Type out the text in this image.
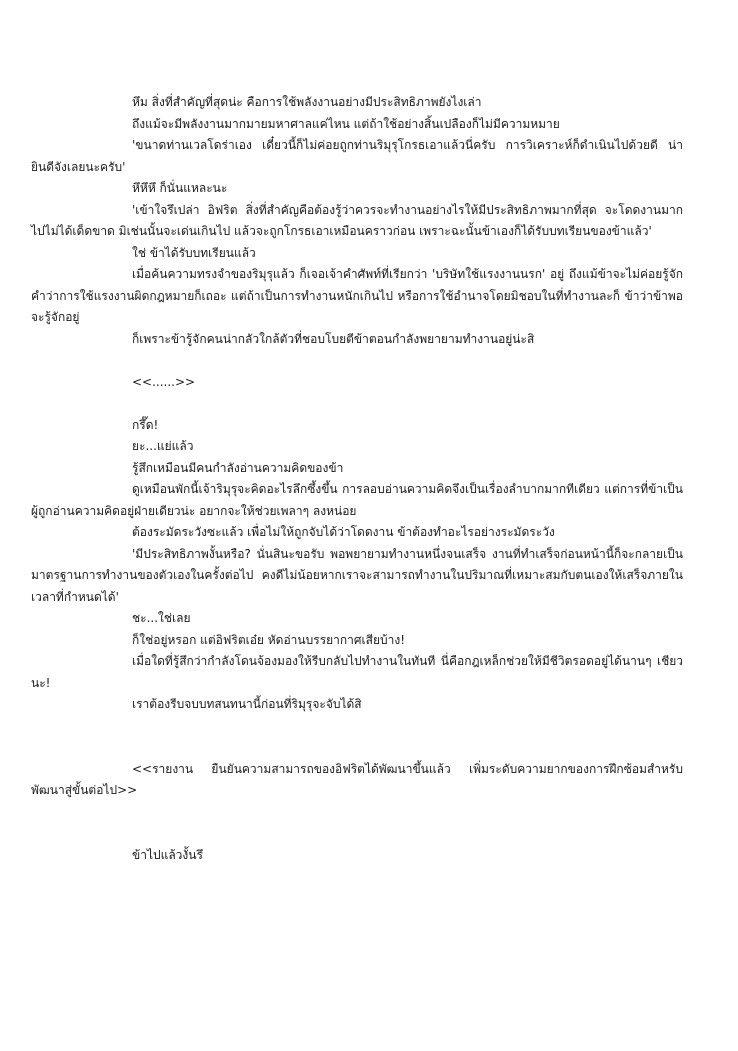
หึม สิ่งที่สำคัญที่สุดน่ะ คือการใช้พลังงานอย่างมีประสิทธิภาพยังไงเล่า
ถึงแม้จะมีพลังงานมากมายมหาศาลแค่ไหน แต่ถ้าใช้อย่างสิ้นเปลืองก็ไม่มีความหมาย
'ขนาดท่านเวลโดร่าเอง เดี๋ยวนี้ก็ไม่ค่อยถูกท่านริมุรุโกรธเอาแล้วนี่ครับ การวิเคราะห์ก็ดำเนินไปด้วยดี น่ายินดีจังเลยนะครับ'
หึหึหึ ก็นั่นแหละนะ
'เข้าใจรึเปล่า อิฟริต สิ่งที่สำคัญคือต้องรู้ว่าควรจะทำงานอย่างไรให้มีประสิทธิภาพมากที่สุด จะโดดงานมากไปไม่ได้เด็ดขาด มิเช่นนั้นจะเด่นเกินไป แล้วจะถูกโกรธเอาเหมือนคราวก่อน เพราะฉะนั้นข้าเองก็ได้รับบทเรียนของข้าแล้ว'
ใช่ ข้าได้รับบทเรียนแล้ว
เมื่อค้นความทรงจำของริมุรุแล้ว ก็เจอเจ้าคำศัพท์ที่เรียกว่า 'บริษัทใช้แรงงานนรก' อยู่ ถึงแม้ข้าจะไม่ค่อยรู้จักคำว่าการใช้แรงงานผิดกฎหมายก็เถอะ แต่ถ้าเป็นการทำงานหนักเกินไป หรือการใช้อำนาจโดยมิชอบในที่ทำงานละก็ ข้าว่าข้าพอจะรู้จักอยู่
ก็เพราะข้ารู้จักคนน่ากลัวใกล้ตัวที่ชอบโบยตีข้าตอนกำลังพยายามทำงานอยู่น่ะสิ
<<......>>
กรึ๊ด!
ยะ...แย่แล้ว
รู้สึกเหมือนมีคนกำลังอ่านความคิดของข้า
ดูเหมือนพักนี้เจ้าริมุรุจะคิดอะไรลึกซึ้งขึ้น การลอบอ่านความคิดจึงเป็นเรื่องลำบากมากทีเดียว แต่การที่ข้าเป็นผู้ถูกอ่านความคิดอยู่ฝ่ายเดียวน่ะ อยากจะให้ช่วยเพลาๆ ลงหน่อย
ต้องระมัดระวังซะแล้ว เพื่อไม่ให้ถูกจับได้ว่าโดดงาน ข้าต้องทำอะไรอย่างระมัดระวัง
'มีประสิทธิภาพงั้นหรือ? นั่นสินะขอรับ พอพยายามทำงานหนึ่งจนเสร็จ งานที่ทำเสร็จก่อนหน้านี้ก็จะกลายเป็นมาตรฐานการทำงานของตัวเองในครั้งต่อไป คงดีไม่น้อยหากเราจะสามารถทำงานในปริมาณที่เหมาะสมกับตนเองให้เสร็จภายในเวลาที่กำหนดได้'
ชะ...ใช่เลย
ก็ใช่อยู่หรอก แต่อิฟริตเอ๋ย หัดอ่านบรรยากาศเสียบ้าง!
เมื่อใดที่รู้สึกว่ากำลังโดนจ้องมองให้รีบกลับไปทำงานในทันที นี่คือกฎเหล็กช่วยให้มีชีวิตรอดอยู่ได้นานๆ เชียวนะ!
เราต้องรีบจบบทสนทนานี้ก่อนที่ริมุรุจะจับได้สิ
<<รายงาน ยืนยันความสามารถของอิฟริตได้พัฒนาขึ้นแล้ว เพิ่มระดับความยากของการฝึกซ้อมสำหรับพัฒนาสู่ขั้นต่อไป>>
ข้าไปแล้วงั้นรึ
